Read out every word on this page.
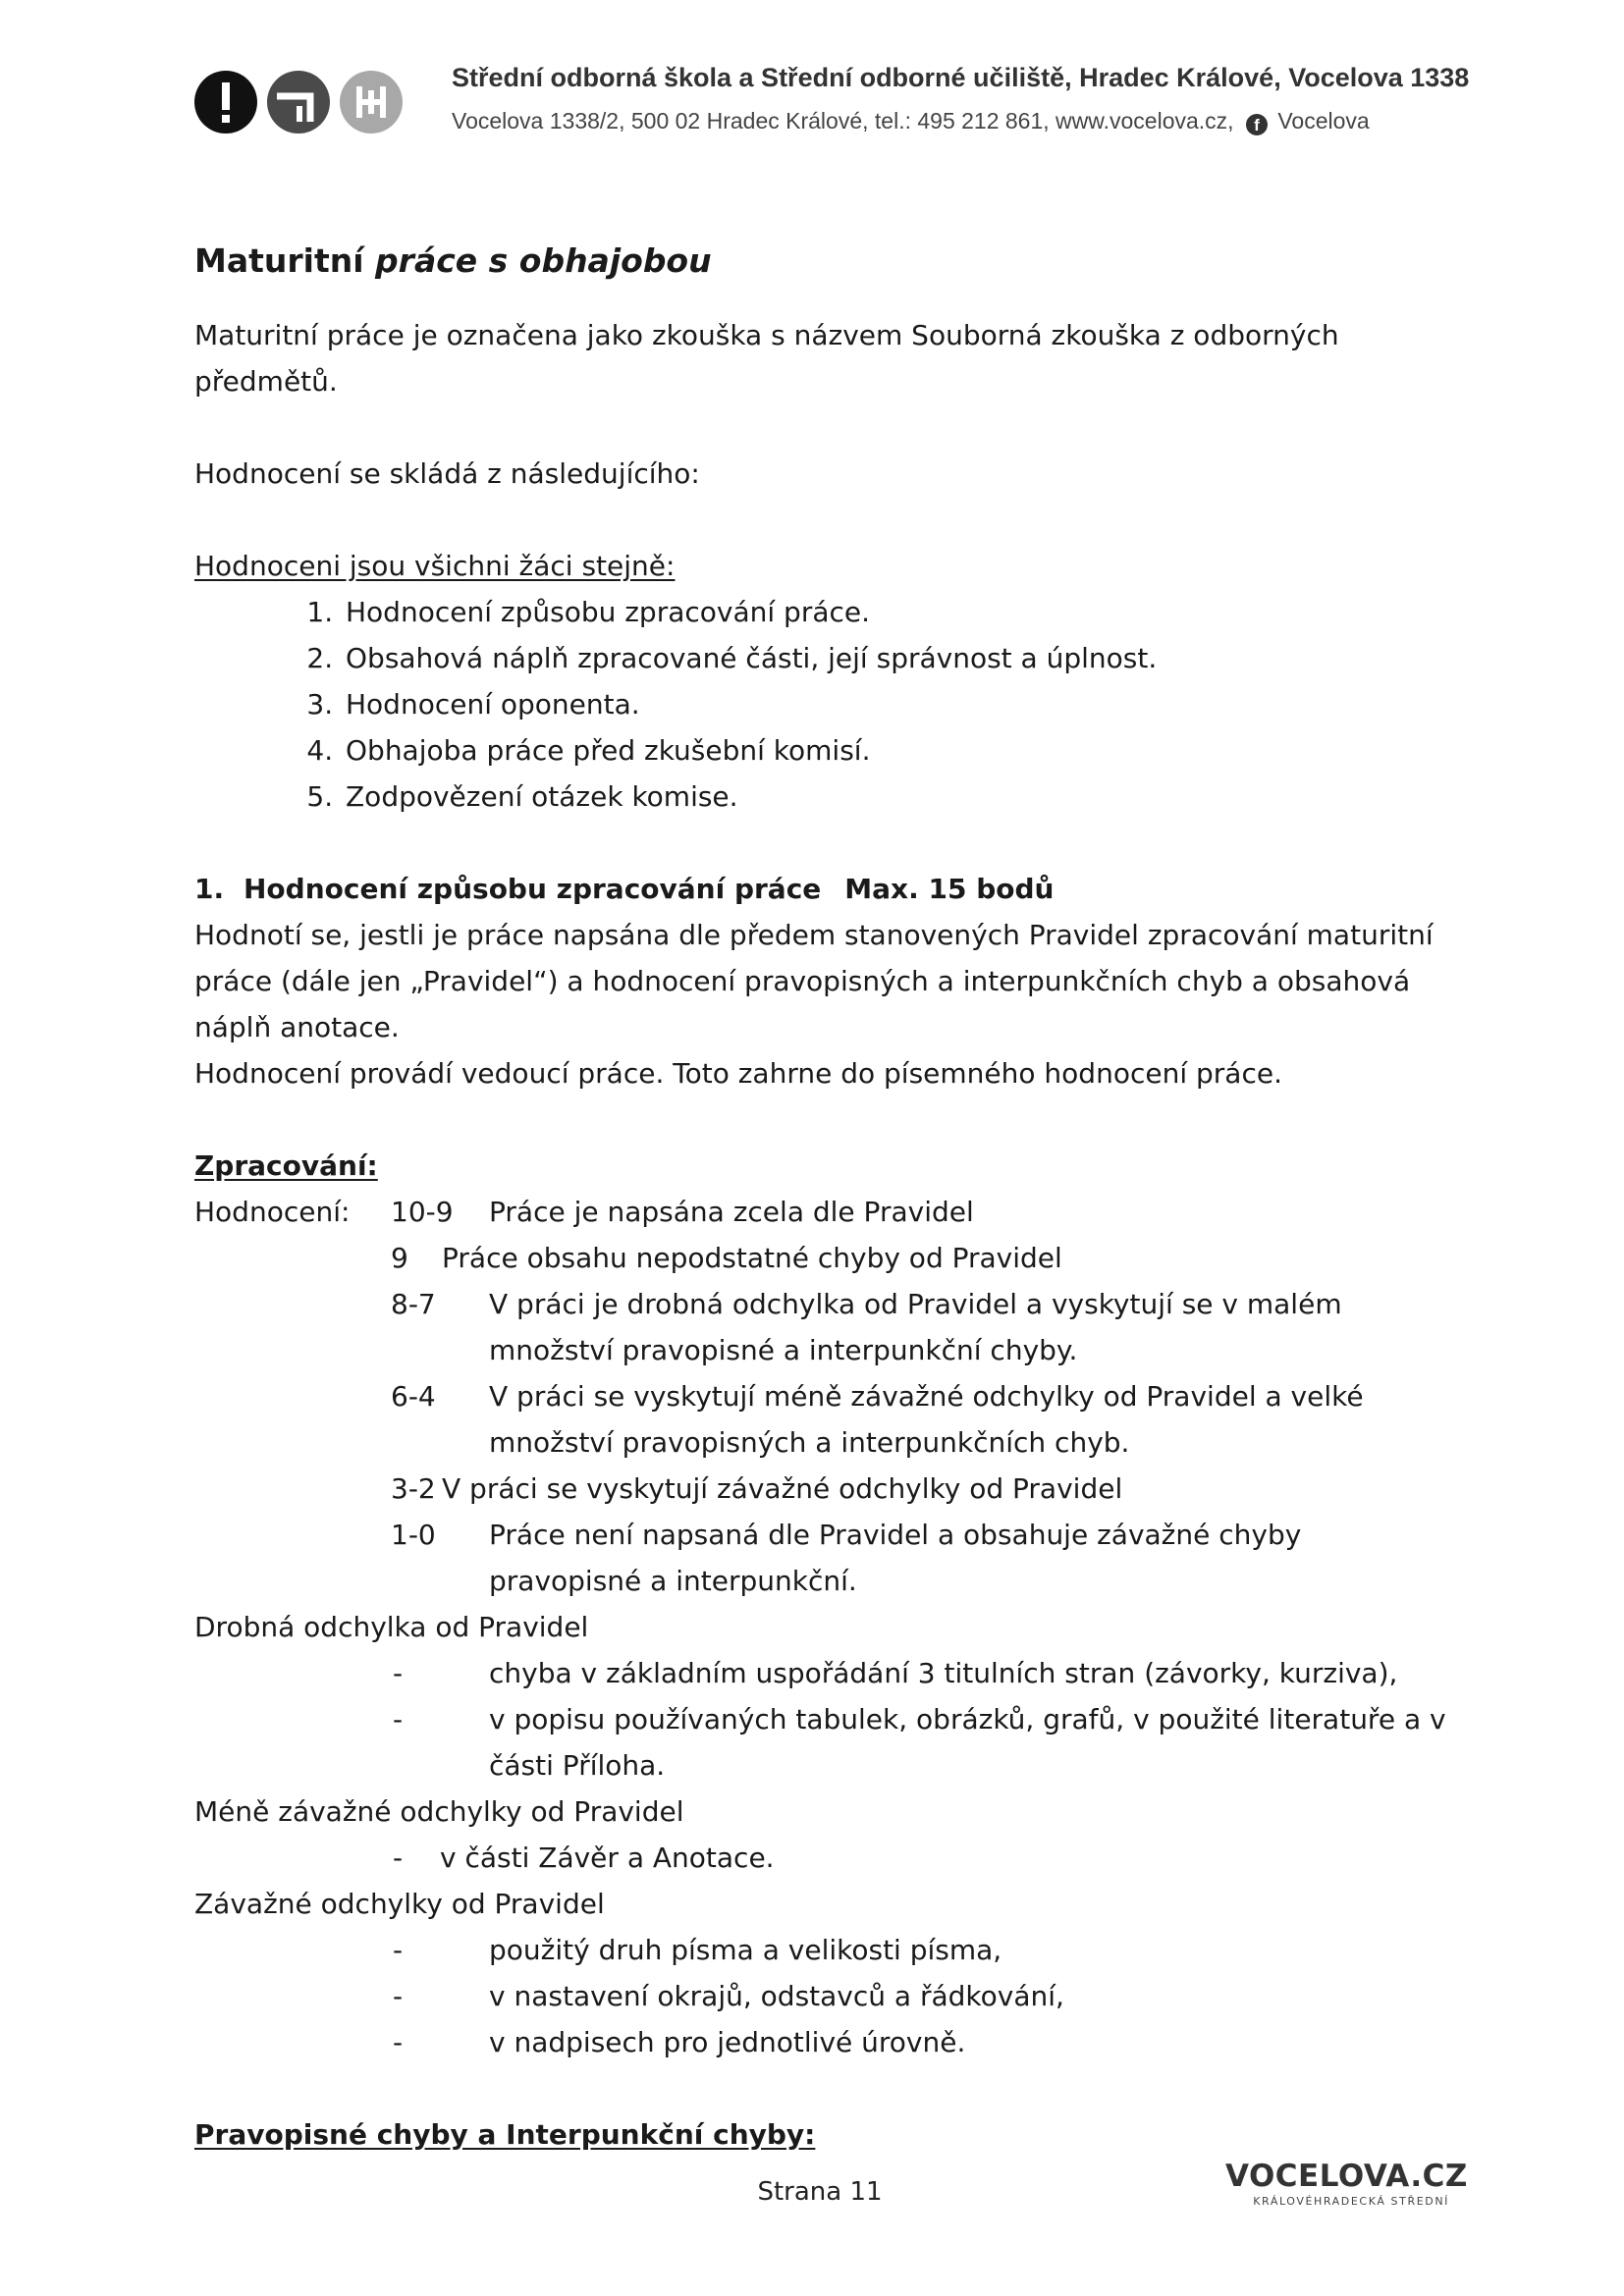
Střední odborná škola a Střední odborné učiliště, Hradec Králové, Vocelova 1338
Vocelova 1338/2, 500 02 Hradec Králové, tel.: 495 212 861, www.vocelova.cz, f Vocelova

Maturitní práce s obhajobou

Maturitní práce je označena jako zkouška s názvem Souborná zkouška z odborných předmětů.

Hodnocení se skládá z následujícího:

Hodnoceni jsou všichni žáci stejně:

1. Hodnocení způsobu zpracování práce.
2. Obsahová náplň zpracované části, její správnost a úplnost.
3. Hodnocení oponenta.
4. Obhajoba práce před zkušební komisí.
5. Zodpovězení otázek komise.

1. Hodnocení způsobu zpracování práce Max. 15 bodů

Hodnotí se, jestli je práce napsána dle předem stanovených Pravidel zpracování maturitní práce (dále jen „Pravidel“) a hodnocení pravopisných a interpunkčních chyb a obsahová náplň anotace.

Hodnocení provádí vedoucí práce. Toto zahrne do písemného hodnocení práce.

Zpracování:

Hodnocení: 10-9	Práce je napsána zcela dle Pravidel
9	Práce obsahu nepodstatné chyby od Pravidel
8-7	V práci je drobná odchylka od Pravidel a vyskytují se v malém množství pravopisné a interpunkční chyby.
6-4	V práci se vyskytují méně závažné odchylky od Pravidel a velké množství pravopisných a interpunkčních chyb.
3-2 V práci se vyskytují závažné odchylky od Pravidel
1-0	Práce není napsaná dle Pravidel a obsahuje závažné chyby pravopisné a interpunkční.

Drobná odchylka od Pravidel

-	chyba v základním uspořádání 3 titulních stran (závorky, kurziva),
-	v popisu používaných tabulek, obrázků, grafů, v použité literatuře a v části Příloha.

Méně závažné odchylky od Pravidel

- v části Závěr a Anotace.

Závažné odchylky od Pravidel

-	použitý druh písma a velikosti písma,
-	v nastavení okrajů, odstavců a řádkování,
-	v nadpisech pro jednotlivé úrovně.

Pravopisné chyby a Interpunkční chyby:

Strana 11	VOCELOVA.CZ
KRÁLOVÉHRADECKÁ STŘEDNÍ
